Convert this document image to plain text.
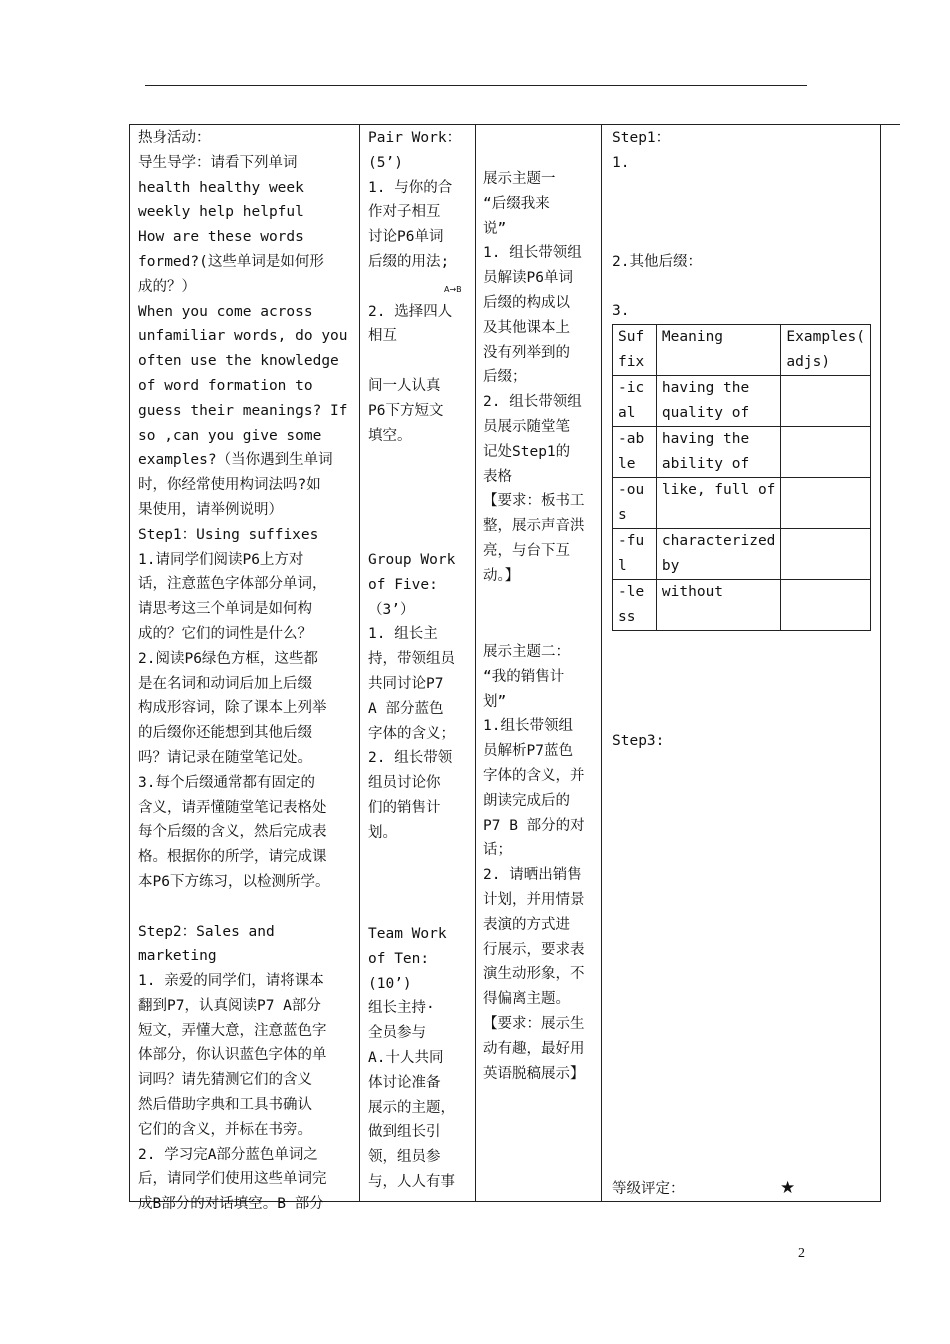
热身活动：

导生导学：请看下列单词

health healthy week

weekly help helpful

How are these words

formed?(这些单词是如何形

成的？）

When you come across

unfamiliar words, do you

often use the knowledge

of word formation to

guess their meanings? If

so ,can you give some

examples?（当你遇到生单词

时，你经常使用构词法吗?如

果使用，请举例说明）

Step1：Using suffixes

1.请同学们阅读P6上方对

话，注意蓝色字体部分单词，

请思考这三个单词是如何构

成的？它们的词性是什么？

2.阅读P6绿色方框，这些都

是在名词和动词后加上后缀

构成形容词，除了课本上列举

的后缀你还能想到其他后缀

吗？请记录在随堂笔记处。

3.每个后缀通常都有固定的

含义，请弄懂随堂笔记表格处

每个后缀的含义，然后完成表

格。根据你的所学，请完成课

本P6下方练习，以检测所学。

Step2：Sales and marketing

1. 亲爱的同学们，请将课本

翻到P7，认真阅读P7 A部分

短文，弄懂大意，注意蓝色字

体部分，你认识蓝色字体的单

词吗？请先猜测它们的含义

然后借助字典和工具书确认

它们的含义，并标在书旁。

2. 学习完A部分蓝色单词之

后，请同学们使用这些单词完

成B部分的对话填空。B 部分

Pair Work：

(5’)

1. 与你的合

作对子相互

讨论P6单词

后缀的用法;

2. 选择四人

相互

间一人认真

P6下方短文

填空。

A→B

Group Work

of Five:

（3’）

1. 组长主

持，带领组员

共同讨论P7

A 部分蓝色

字体的含义；

2. 组长带领

组员讨论你

们的销售计

划。

Team Work

of Ten:

(10’)

组长主持·

全员参与

A.十人共同

体讨论准备

展示的主题，

做到组长引

领，组员参

与，人人有事

展示主题一

“后缀我来

说”

1. 组长带领组

员解读P6单词

后缀的构成以

及其他课本上

没有列举到的

后缀；

2. 组长带领组

员展示随堂笔

记处Step1的

表格

【要求：板书工

整，展示声音洪

亮，与台下互

动。】

展示主题二：

“我的销售计

划”

1.组长带领组

员解析P7蓝色

字体的含义，并

朗读完成后的

P7 B 部分的对

话；

2. 请晒出销售

计划，并用情景

表演的方式进

行展示，要求表

演生动形象，不

得偏离主题。

【要求：展示生

动有趣，最好用

英语脱稿展示】

Step1：
1.
2.其他后缀：
3.
Suf fix	Meaning	Examples( adjs)
-ical	having the quality of	
-able	having the ability of	
-ous	like, full of	
-ful	characterized by	
-less	without	
Step3:
等级评定：	★
2
